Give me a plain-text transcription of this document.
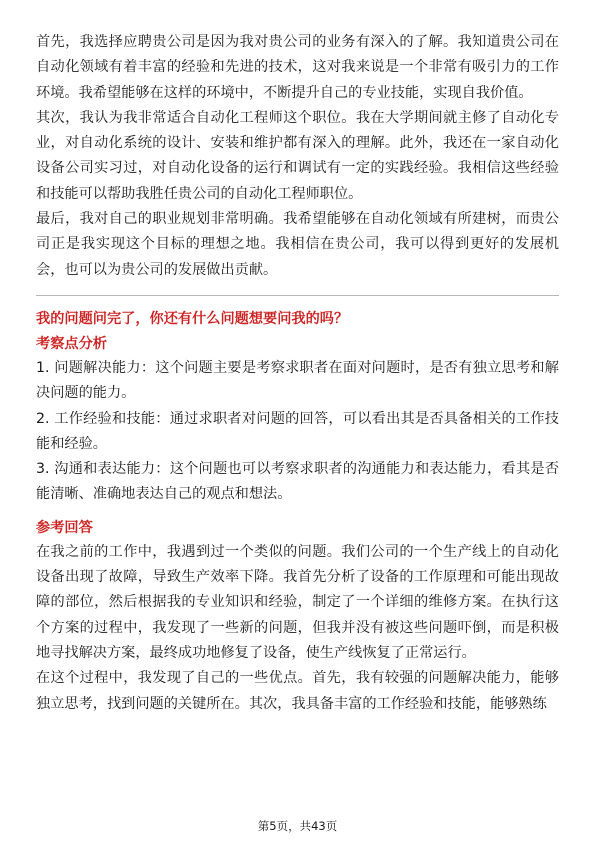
首先，我选择应聘贵公司是因为我对贵公司的业务有深入的了解。我知道贵公司在自动化领域有着丰富的经验和先进的技术，这对我来说是一个非常有吸引力的工作环境。我希望能够在这样的环境中，不断提升自己的专业技能，实现自我价值。

其次，我认为我非常适合自动化工程师这个职位。我在大学期间就主修了自动化专业，对自动化系统的设计、安装和维护都有深入的理解。此外，我还在一家自动化设备公司实习过，对自动化设备的运行和调试有一定的实践经验。我相信这些经验和技能可以帮助我胜任贵公司的自动化工程师职位。

最后，我对自己的职业规划非常明确。我希望能够在自动化领域有所建树，而贵公司正是我实现这个目标的理想之地。我相信在贵公司，我可以得到更好的发展机会，也可以为贵公司的发展做出贡献。

我的问题问完了，你还有什么问题想要问我的吗？

考察点分析

1. 问题解决能力：这个问题主要是考察求职者在面对问题时，是否有独立思考和解决问题的能力。

2. 工作经验和技能：通过求职者对问题的回答，可以看出其是否具备相关的工作技能和经验。

3. 沟通和表达能力：这个问题也可以考察求职者的沟通能力和表达能力，看其是否能清晰、准确地表达自己的观点和想法。

参考回答

在我之前的工作中，我遇到过一个类似的问题。我们公司的一个生产线上的自动化设备出现了故障，导致生产效率下降。我首先分析了设备的工作原理和可能出现故障的部位，然后根据我的专业知识和经验，制定了一个详细的维修方案。在执行这个方案的过程中，我发现了一些新的问题，但我并没有被这些问题吓倒，而是积极地寻找解决方案，最终成功地修复了设备，使生产线恢复了正常运行。

在这个过程中，我发现了自己的一些优点。首先，我有较强的问题解决能力，能够独立思考，找到问题的关键所在。其次，我具备丰富的工作经验和技能，能够熟练

第5页，共43页
